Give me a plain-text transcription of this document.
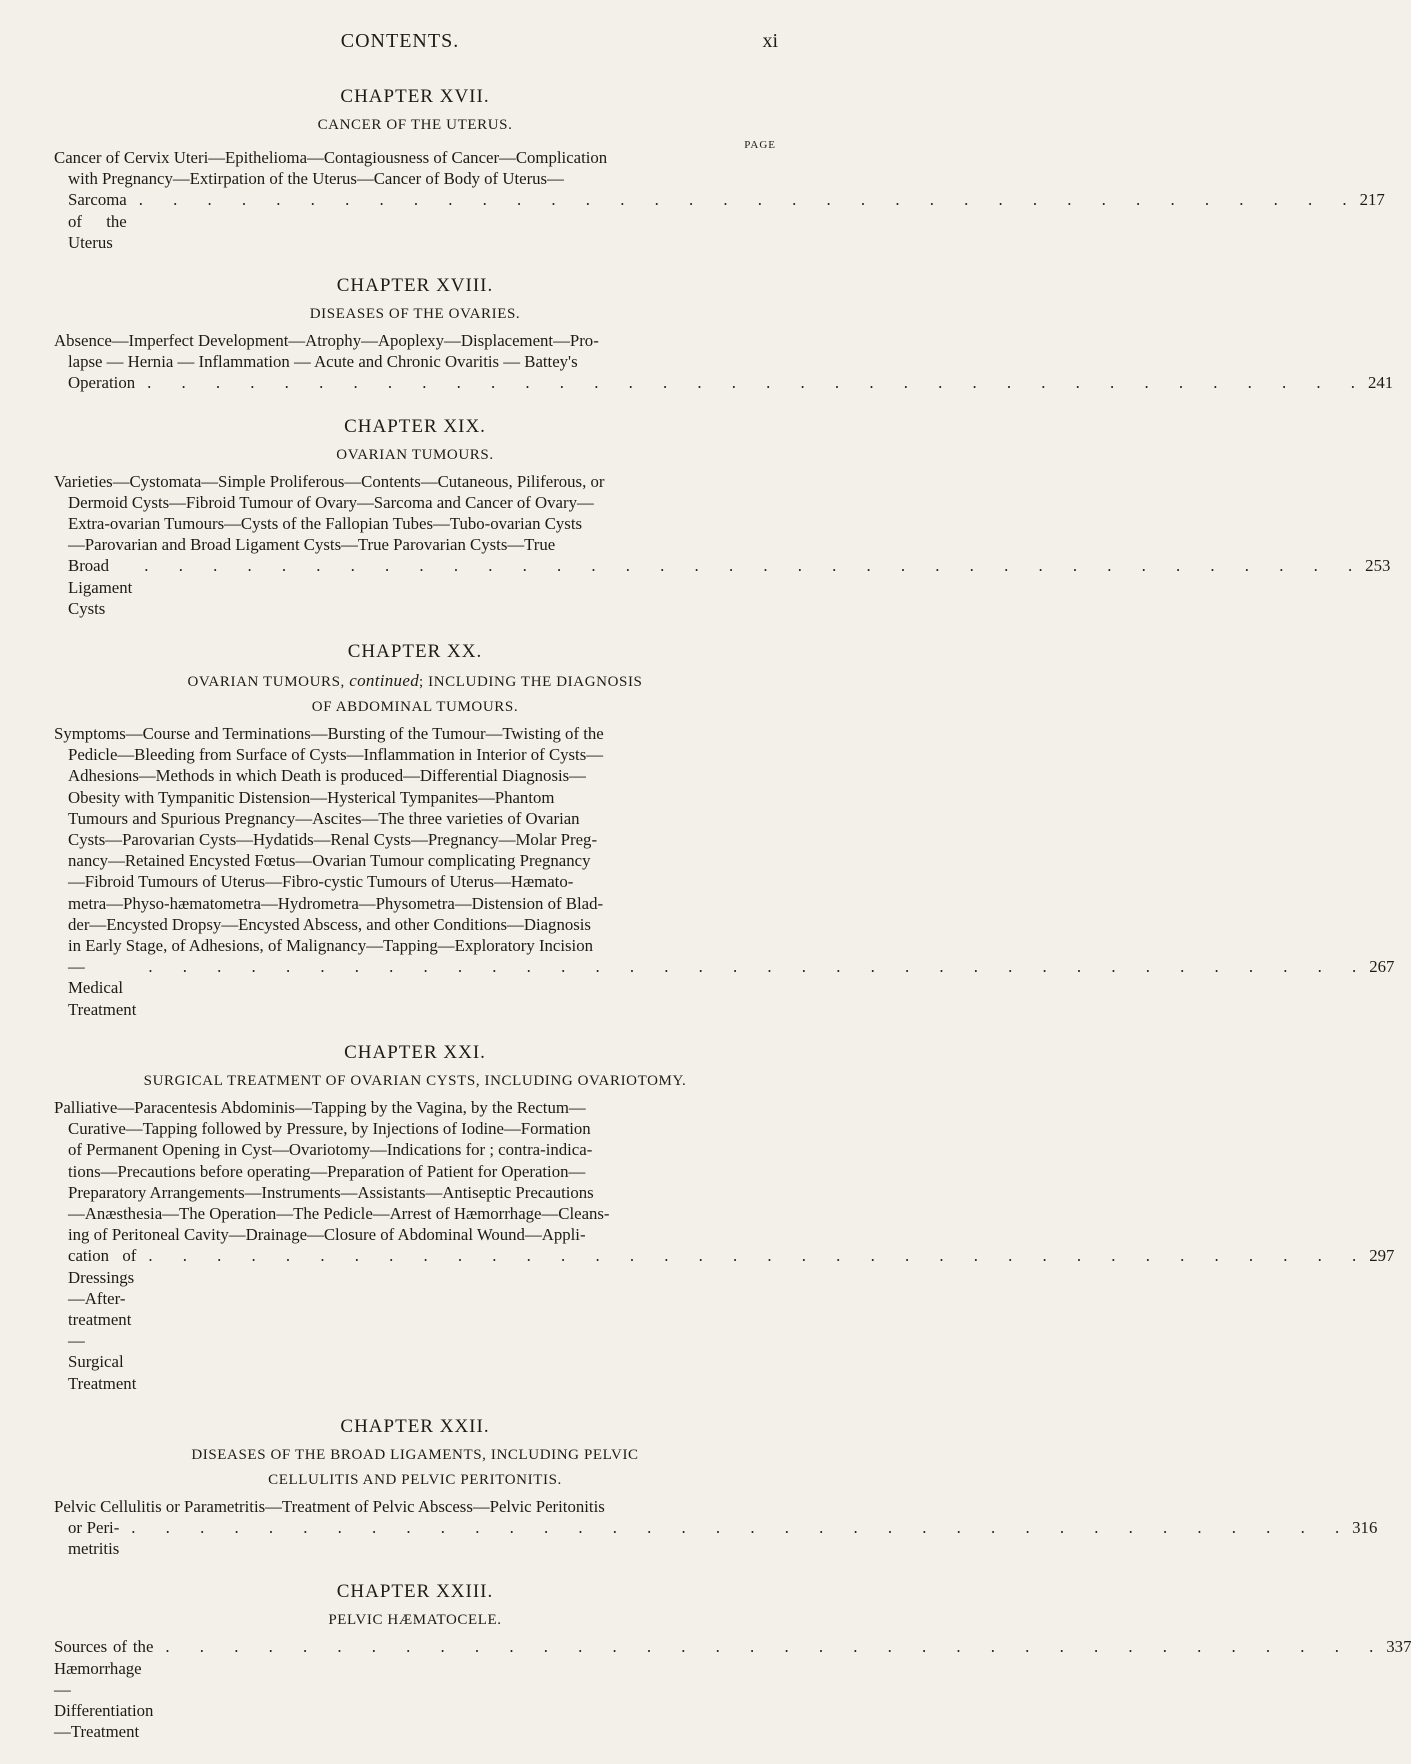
CONTENTS.	xi
CHAPTER XVII.
CANCER OF THE UTERUS.
PAGE
Cancer of Cervix Uteri—Epithelioma—Contagiousness of Cancer—Complication
with Pregnancy—Extirpation of the Uterus—Cancer of Body of Uterus—
Sarcoma of the Uterus
. . . . . . . . . . . . . . . . . . . . . . . . . . . . . . . . . . . . 217
CHAPTER XVIII.
DISEASES OF THE OVARIES.
Absence—Imperfect Development—Atrophy—Apoplexy—Displacement—Pro-
lapse — Hernia — Inflammation — Acute and Chronic Ovaritis — Battey's
Operation . . . . . . . . . . . . . . . . . . . . . . . . . . . . . . . . . . . . 241
CHAPTER XIX.
OVARIAN TUMOURS.
Varieties—Cystomata—Simple Proliferous—Contents—Cutaneous, Piliferous, or
Dermoid Cysts—Fibroid Tumour of Ovary—Sarcoma and Cancer of Ovary—
Extra-ovarian Tumours—Cysts of the Fallopian Tubes—Tubo-ovarian Cysts
—Parovarian and Broad Ligament Cysts—True Parovarian Cysts—True
Broad Ligament Cysts
. . . . . . . . . . . . . . . . . . . . . . . . . . . . . . . . . . . . 253
CHAPTER XX.
OVARIAN TUMOURS, continued; INCLUDING THE DIAGNOSIS
OF ABDOMINAL TUMOURS.
Symptoms—Course and Terminations—Bursting of the Tumour—Twisting of the
Pedicle—Bleeding from Surface of Cysts—Inflammation in Interior of Cysts—
Adhesions—Methods in which Death is produced—Differential Diagnosis—
Obesity with Tympanitic Distension—Hysterical Tympanites—Phantom
Tumours and Spurious Pregnancy—Ascites—The three varieties of Ovarian
Cysts—Parovarian Cysts—Hydatids—Renal Cysts—Pregnancy—Molar Preg-
nancy—Retained Encysted Fœtus—Ovarian Tumour complicating Pregnancy
—Fibroid Tumours of Uterus—Fibro-cystic Tumours of Uterus—Hæmato-
metra—Physo-hæmatometra—Hydrometra—Physometra—Distension of Blad-
der—Encysted Dropsy—Encysted Abscess, and other Conditions—Diagnosis
in Early Stage, of Adhesions, of Malignancy—Tapping—Exploratory Incision
—Medical Treatment
. . . . . . . . . . . . . . . . . . . . . . . . . . . . . . . . . . . . 267
CHAPTER XXI.
SURGICAL TREATMENT OF OVARIAN CYSTS, INCLUDING OVARIOTOMY.
Palliative—Paracentesis Abdominis—Tapping by the Vagina, by the Rectum—
Curative—Tapping followed by Pressure, by Injections of Iodine—Formation
of Permanent Opening in Cyst—Ovariotomy—Indications for ; contra-indica-
tions—Precautions before operating—Preparation of Patient for Operation—
Preparatory Arrangements—Instruments—Assistants—Antiseptic Precautions
—Anæsthesia—The Operation—The Pedicle—Arrest of Hæmorrhage—Cleans-
ing of Peritoneal Cavity—Drainage—Closure of Abdominal Wound—Appli-
cation of Dressings—After-treatment—Surgical Treatment
. . . . . . . . . . . . . . . . . . . . . . . . . . . . . . . . . . . . 297
CHAPTER XXII.
DISEASES OF THE BROAD LIGAMENTS, INCLUDING PELVIC
CELLULITIS AND PELVIC PERITONITIS.
Pelvic Cellulitis or Parametritis—Treatment of Pelvic Abscess—Pelvic Peritonitis
or Peri-metritis
. . . . . . . . . . . . . . . . . . . . . . . . . . . . . . . . . . . . 316
CHAPTER XXIII.
PELVIC HÆMATOCELE.
Sources of the Hæmorrhage—Differentiation—Treatment
. . . . . . . . . . . . . . . . . . . . . . . . . . . . . . . . . . . . 337
